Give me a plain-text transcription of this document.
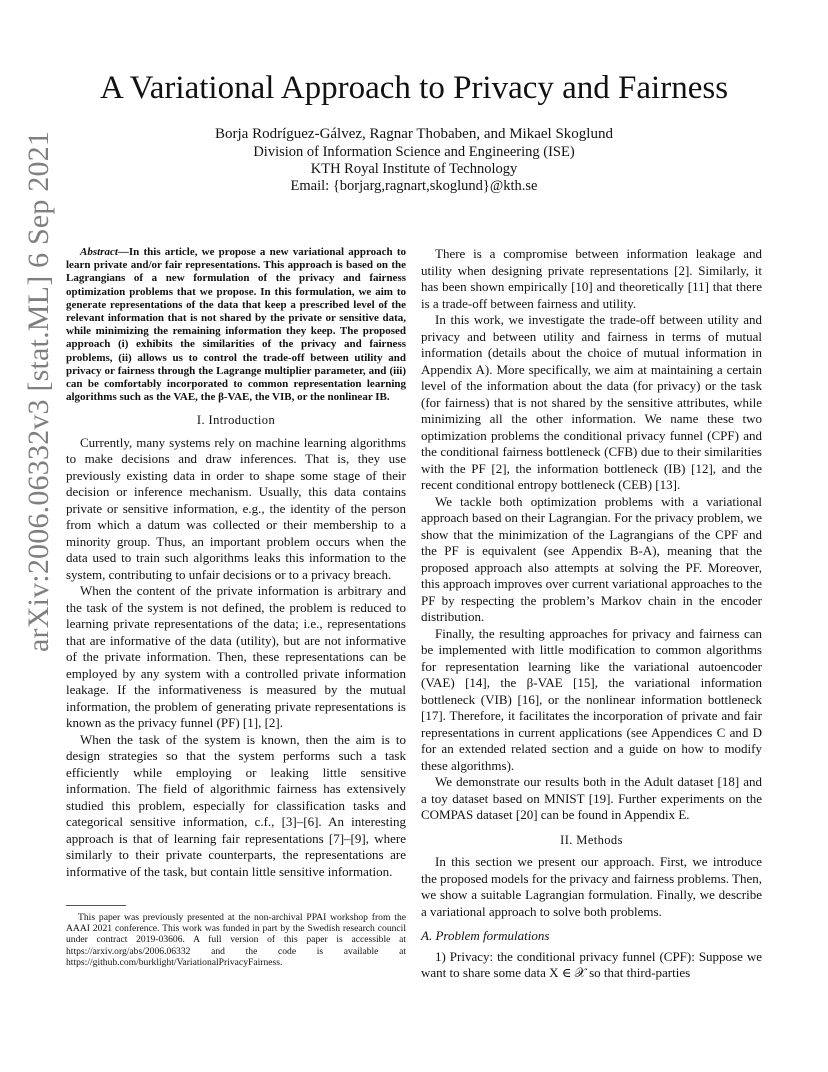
arXiv:2006.06332v3 [stat.ML] 6 Sep 2021
A Variational Approach to Privacy and Fairness
Borja Rodríguez-Gálvez, Ragnar Thobaben, and Mikael Skoglund
Division of Information Science and Engineering (ISE)
KTH Royal Institute of Technology
Email: {borjarg,ragnart,skoglund}@kth.se

Abstract—In this article, we propose a new variational approach to learn private and/or fair representations. This approach is based on the Lagrangians of a new formulation of the privacy and fairness optimization problems that we propose. In this formulation, we aim to generate representations of the data that keep a prescribed level of the relevant information that is not shared by the private or sensitive data, while minimizing the remaining information they keep. The proposed approach (i) exhibits the similarities of the privacy and fairness problems, (ii) allows us to control the trade-off between utility and privacy or fairness through the Lagrange multiplier parameter, and (iii) can be comfortably incorporated to common representation learning algorithms such as the VAE, the β-VAE, the VIB, or the nonlinear IB.

I. Introduction

Currently, many systems rely on machine learning algorithms to make decisions and draw inferences. That is, they use previously existing data in order to shape some stage of their decision or inference mechanism. Usually, this data contains private or sensitive information, e.g., the identity of the person from which a datum was collected or their membership to a minority group. Thus, an important problem occurs when the data used to train such algorithms leaks this information to the system, contributing to unfair decisions or to a privacy breach.

When the content of the private information is arbitrary and the task of the system is not defined, the problem is reduced to learning private representations of the data; i.e., representations that are informative of the data (utility), but are not informative of the private information. Then, these representations can be employed by any system with a controlled private information leakage. If the informativeness is measured by the mutual information, the problem of generating private representations is known as the privacy funnel (PF) [1], [2].

When the task of the system is known, then the aim is to design strategies so that the system performs such a task efficiently while employing or leaking little sensitive information. The field of algorithmic fairness has extensively studied this problem, especially for classification tasks and categorical sensitive information, c.f., [3]–[6]. An interesting approach is that of learning fair representations [7]–[9], where similarly to their private counterparts, the representations are informative of the task, but contain little sensitive information.

This paper was previously presented at the non-archival PPAI workshop from the AAAI 2021 conference. This work was funded in part by the Swedish research council under contract 2019-03606. A full version of this paper is accessible at https://arxiv.org/abs/2006.06332 and the code is available at https://github.com/burklight/VariationalPrivacyFairness.

There is a compromise between information leakage and utility when designing private representations [2]. Similarly, it has been shown empirically [10] and theoretically [11] that there is a trade-off between fairness and utility.

In this work, we investigate the trade-off between utility and privacy and between utility and fairness in terms of mutual information (details about the choice of mutual information in Appendix A). More specifically, we aim at maintaining a certain level of the information about the data (for privacy) or the task (for fairness) that is not shared by the sensitive attributes, while minimizing all the other information. We name these two optimization problems the conditional privacy funnel (CPF) and the conditional fairness bottleneck (CFB) due to their similarities with the PF [2], the information bottleneck (IB) [12], and the recent conditional entropy bottleneck (CEB) [13].

We tackle both optimization problems with a variational approach based on their Lagrangian. For the privacy problem, we show that the minimization of the Lagrangians of the CPF and the PF is equivalent (see Appendix B-A), meaning that the proposed approach also attempts at solving the PF. Moreover, this approach improves over current variational approaches to the PF by respecting the problem’s Markov chain in the encoder distribution.

Finally, the resulting approaches for privacy and fairness can be implemented with little modification to common algorithms for representation learning like the variational autoencoder (VAE) [14], the β-VAE [15], the variational information bottleneck (VIB) [16], or the nonlinear information bottleneck [17]. Therefore, it facilitates the incorporation of private and fair representations in current applications (see Appendices C and D for an extended related section and a guide on how to modify these algorithms).

We demonstrate our results both in the Adult dataset [18] and a toy dataset based on MNIST [19]. Further experiments on the COMPAS dataset [20] can be found in Appendix E.

II. Methods

In this section we present our approach. First, we introduce the proposed models for the privacy and fairness problems. Then, we show a suitable Lagrangian formulation. Finally, we describe a variational approach to solve both problems.

A. Problem formulations

1) Privacy: the conditional privacy funnel (CPF): Suppose we want to share some data X ∈ 𝒳 so that third-parties
